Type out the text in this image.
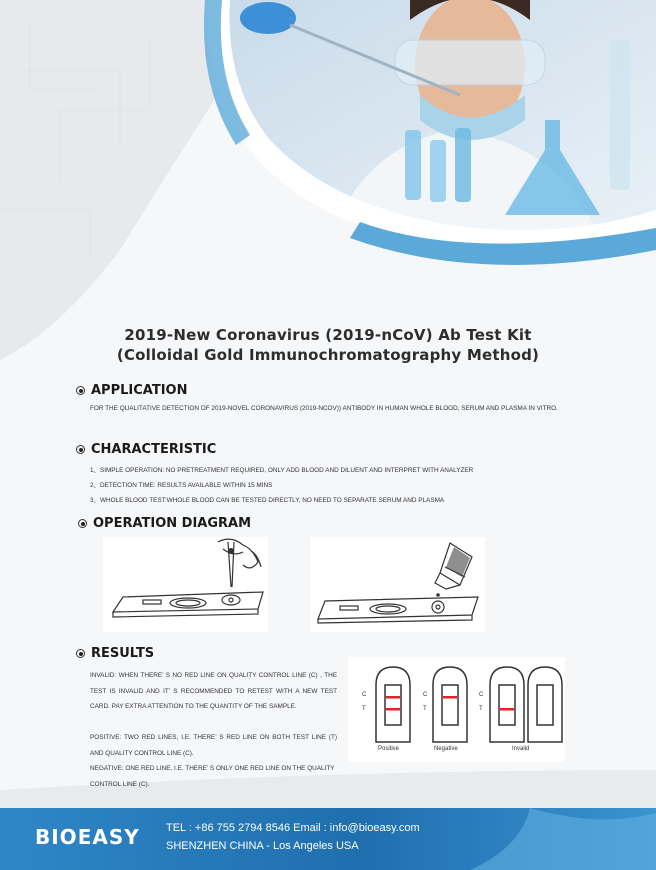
2019-New Coronavirus (2019-nCoV) Ab Test Kit
(Colloidal Gold Immunochromatography Method)
APPLICATION
FOR THE QUALITATIVE DETECTION OF 2019-NOVEL CORONAVIRUS (2019-NCOV)) ANTIBODY IN HUMAN WHOLE BLOOD, SERUM AND PLASMA IN VITRO.
CHARACTERISTIC
1、SIMPLE OPERATION: NO PRETREATMENT REQUIRED, ONLY ADD BLOOD AND DILUENT AND INTERPRET WITH ANALYZER
2、DETECTION TIME: RESULTS AVAILABLE WITHIN 15 MINS
3、WHOLE BLOOD TEST:WHOLE BLOOD CAN BE TESTED DIRECTLY, NO NEED TO SEPARATE SERUM AND PLASMA
OPERATION DIAGRAM
RESULTS
INVALID: WHEN THERE’ S NO RED LINE ON QUALITY CONTROL LINE (C) , THE TEST IS INVALID AND IT’ S RECOMMENDED TO RETEST WITH A NEW TEST CARD. PAY EXTRA ATTENTION TO THE QUANTITY OF THE SAMPLE.
POSITIVE: TWO RED LINES, I.E. THERE’ S RED LINE ON BOTH TEST LINE (T) AND QUALITY CONTROL LINE (C).
NEGATIVE: ONE RED LINE, I.E. THERE’ S ONLY ONE RED LINE ON THE QUALITY CONTROL LINE (C).
C
T
C
T
C
T
Positive	Negative	Invalid
BIOEASY TEL : +86 755 2794 8546 Email : info@bioeasy.com
SHENZHEN CHINA - Los Angeles USA
